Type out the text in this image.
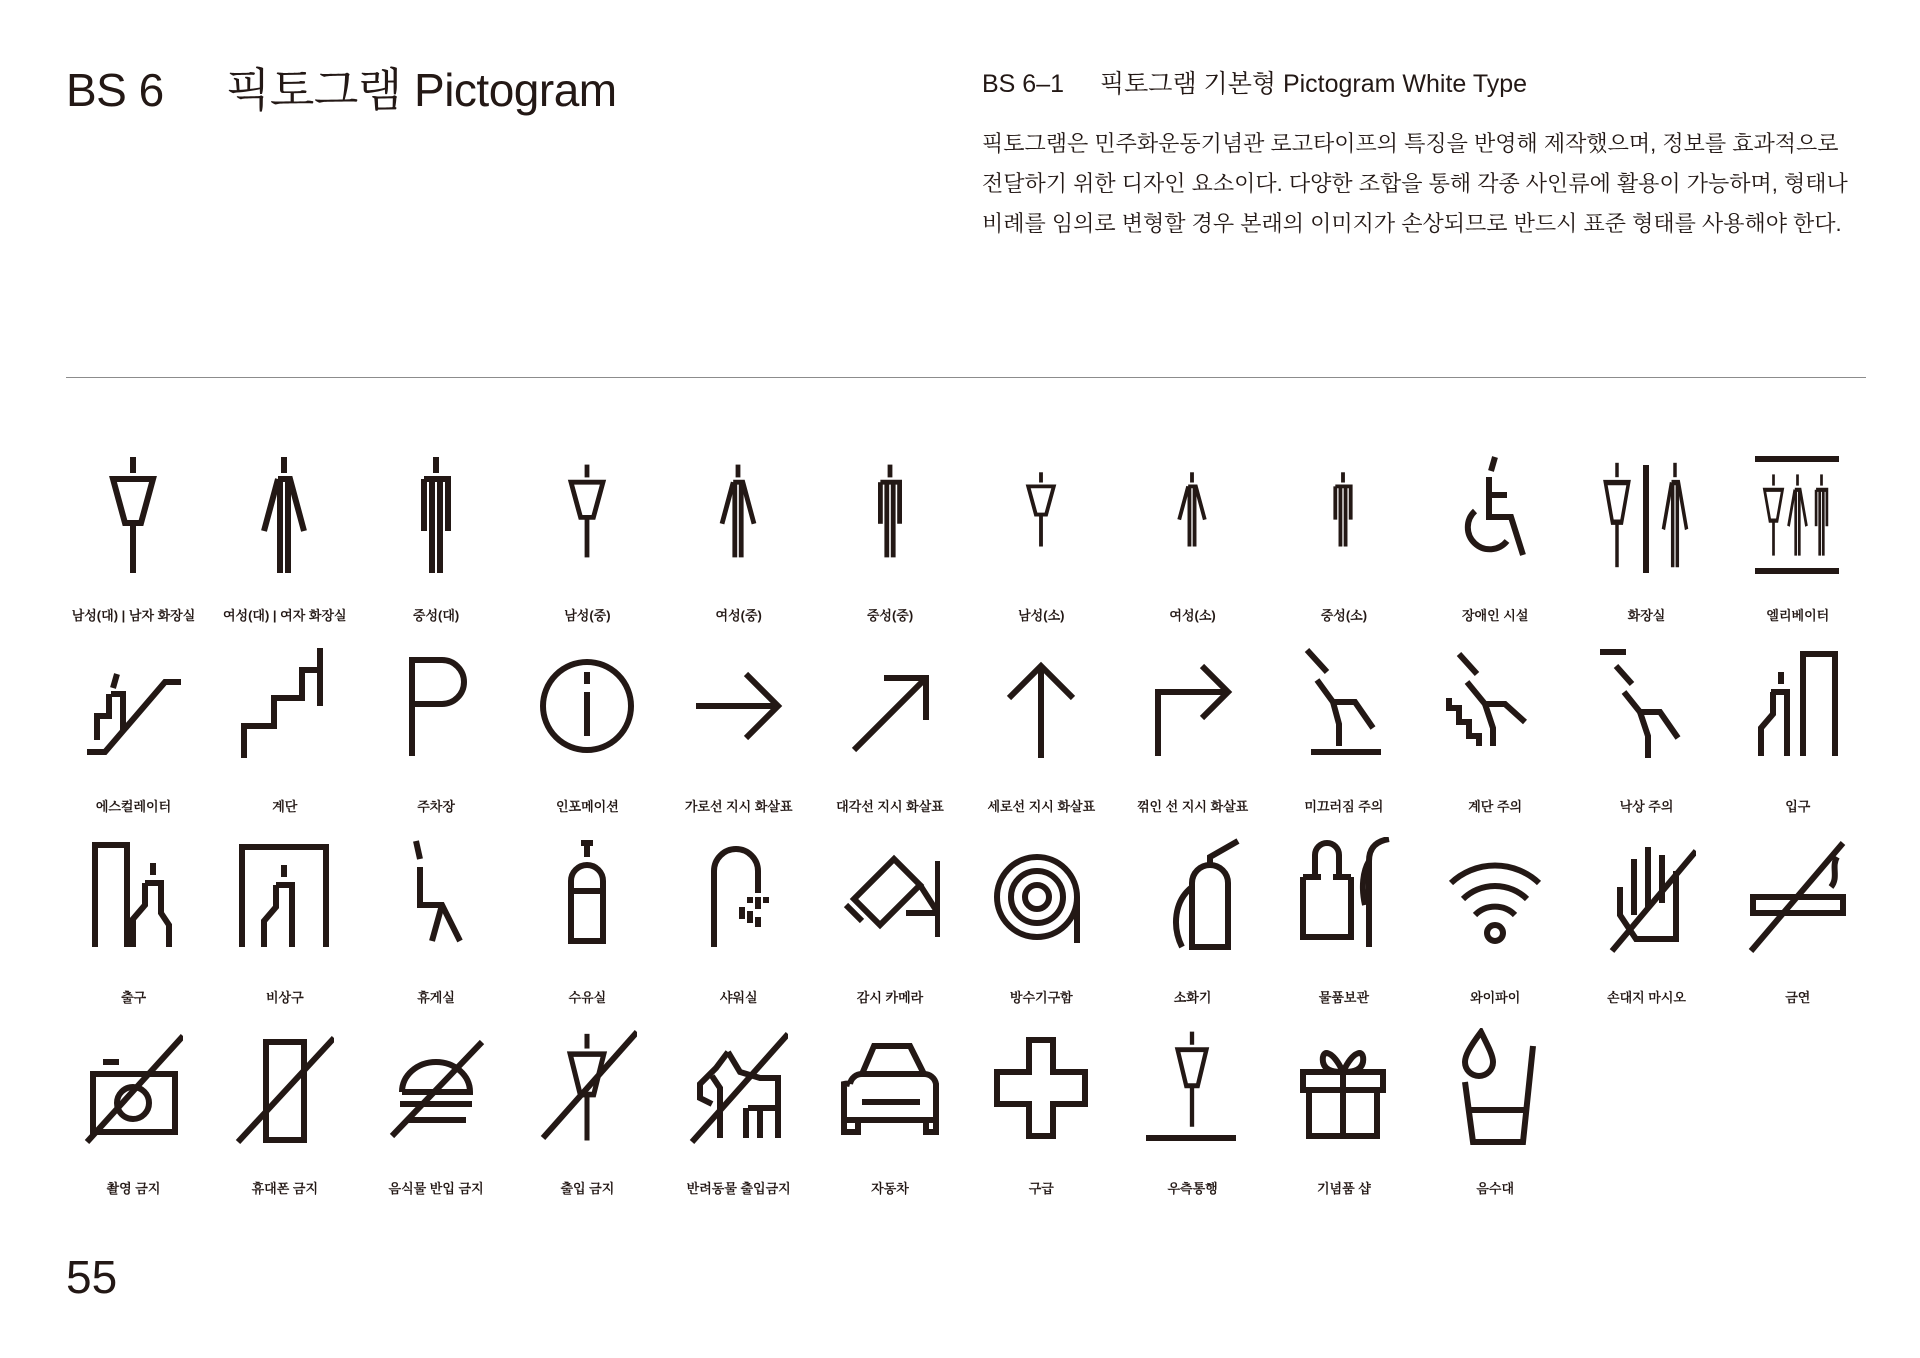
BS 6 픽토그램 Pictogram	BS 6–1 픽토그램 기본형 Pictogram White Type

픽토그램은 민주화운동기념관 로고타이프의 특징을 반영해 제작했으며, 정보를 효과적으로
전달하기 위한 디자인 요소이다. 다양한 조합을 통해 각종 사인류에 활용이 가능하며, 형태나
비례를 임의로 변형할 경우 본래의 이미지가 손상되므로 반드시 표준 형태를 사용해야 한다.

남성(대) | 남자 화장실	여성(대) | 여자 화장실	중성(대)	남성(중)	여성(중)	중성(중)	남성(소)	여성(소)	중성(소)	장애인 시설	화장실	엘리베이터
에스컬레이터	계단	주차장	인포메이션	가로선 지시 화살표	대각선 지시 화살표	세로선 지시 화살표	꺾인 선 지시 화살표	미끄러짐 주의	계단 주의	낙상 주의	입구
출구	비상구	휴게실	수유실	샤워실	감시 카메라	방수기구함	소화기	물품보관	와이파이	손대지 마시오	금연
촬영 금지	휴대폰 금지	음식물 반입 금지	출입 금지	반려동물 출입금지	자동차	구급	우측통행	기념품 샵	음수대

55
